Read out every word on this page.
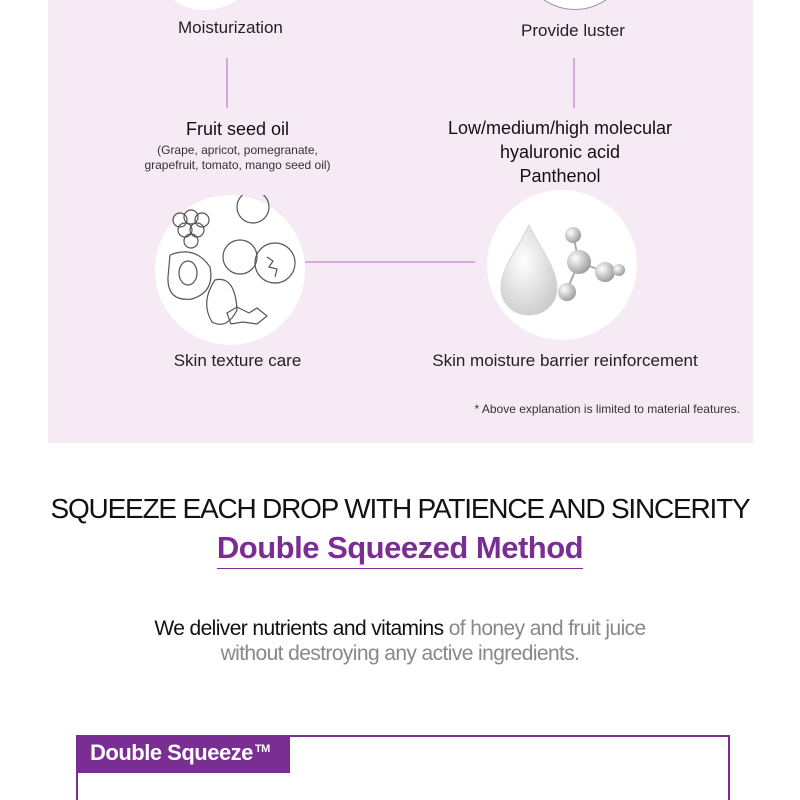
Moisturization	Provide luster
Fruit seed oil
(Grape, apricot, pomegranate,
grapefruit, tomato, mango seed oil)
Low/medium/high molecular
hyaluronic acid
Panthenol
Skin texture care	Skin moisture barrier reinforcement
* Above explanation is limited to material features.
SQUEEZE EACH DROP WITH PATIENCE AND SINCERITY
Double Squeezed Method
We deliver nutrients and vitamins of honey and fruit juice
without destroying any active ingredients.
Double Squeeze ™
